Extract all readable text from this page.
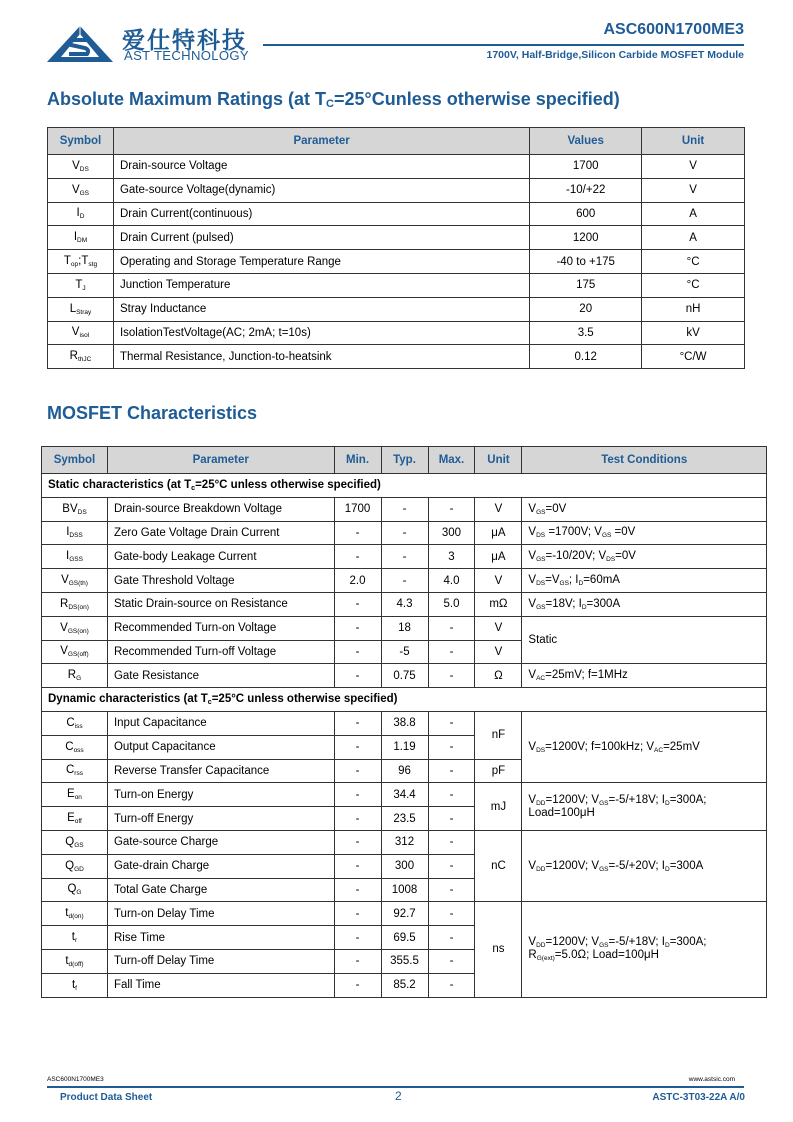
爱仕特科技
AST TECHNOLOGY
ASC600N1700ME3
1700V, Half-Bridge,Silicon Carbide MOSFET Module
Absolute Maximum Ratings (at $T_C=25^\circ Cunless$ otherwise specified)
Symbol	Parameter	Values	Unit
$V_{DS}$	Drain-source Voltage	1700	V
$V_{GS}$	Gate-source Voltage(dynamic)	-10/+22	V
$I_D$	Drain Current(continuous)	600	A
$I_{DM}$	Drain Current (pulsed)	1200	A
$T_{op};T_{stg}$	Operating and Storage Temperature Range	-40 to +175	°C
$T_J$	Junction Temperature	175	°C
$L_{Stray}$	Stray Inductance	20	nH
$V_{isol}$	IsolationTestVoltage(AC; 2mA; t=10s)	3.5	kV
$R_{thJC}$	Thermal Resistance, Junction-to-heatsink	0.12	°C/W
MOSFET Characteristics
Symbol	Parameter	Min.	Typ.	Max.	Unit	Test Conditions
Static characteristics (at $T_c=25^\circ C$ unless otherwise specified)						
$BV_{DS}$	Drain-source Breakdown Voltage	1700	-	-	V	$V_{GS}=0V$
$I_{DSS}$	Zero Gate Voltage Drain Current	-	-	300	μA	$V_{DS} =1700V$; $V_{GS} =0V$
$I_{GSS}$	Gate-body Leakage Current	-	-	3	μA	$V_{GS}=-10/20V$; $V_{DS}=0V$
$V_{GS(th)}$	Gate Threshold Voltage	2.0	-	4.0	V	$V_{DS}=V_{GS}$; $I_D=60mA$
$R_{DS(on)}$	Static Drain-source on Resistance	-	4.3	5.0	mΩ	$V_{GS}=18V$; $I_D=300A$
$V_{GS(on)}$	Recommended Turn-on Voltage	-	18	-	V	Static
$V_{GS(off)}$	Recommended Turn-off Voltage	-	-5	-	V	
$R_G$	Gate Resistance	-	0.75	-	Ω	$V_{AC}=25mV$; f=1MHz
Dynamic characteristics (at $T_c=25^\circ C$ unless otherwise specified)						
$C_{iss}$	Input Capacitance	-	38.8	-	nF	$V_{DS}=1200V$; f=100kHz; $V_{AC}=25mV$
$C_{oss}$	Output Capacitance	-	1.19	-		
$C_{rss}$	Reverse Transfer Capacitance	-	96	-	pF	
$E_{on}$	Turn-on Energy	-	34.4	-	mJ	$V_{DD}=1200V$; $V_{GS}=-5/+18V$; $I_D=300A$;
Load=100μH
$E_{off}$	Turn-off Energy	-	23.5	-		
$Q_{GS}$	Gate-source Charge	-	312	-	nC	$V_{DD}=1200V$; $V_{GS}=-5/+20V$; $I_D=300A$
$Q_{GD}$	Gate-drain Charge	-	300	-		
$Q_G$	Total Gate Charge	-	1008	-		
$t_{d(on)}$	Turn-on Delay Time	-	92.7	-	ns	$V_{DD}=1200V$; $V_{GS}=-5/+18V$; $I_D=300A$;
$R_{G(ext)}=5.0\Omega$; Load=100μH
$t_r$	Rise Time	-	69.5	-		
$t_{d(off)}$	Turn-off Delay Time	-	355.5	-		
$t_f$	Fall Time	-	85.2	-		
ASC600N1700ME3	www.astsic.com
Product Data Sheet	2	ASTC-3T03-22A A/0
